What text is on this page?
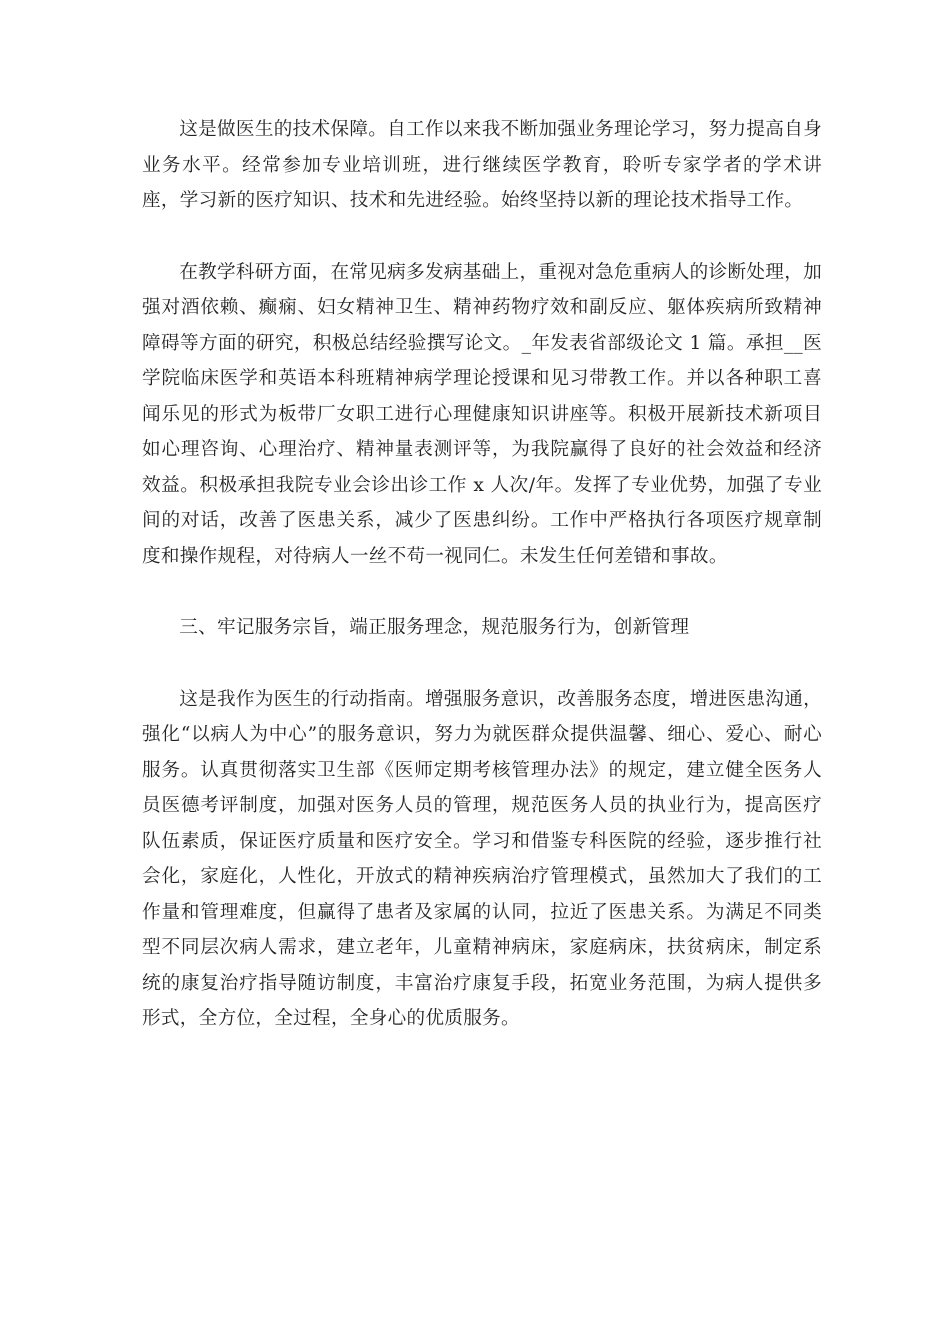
这是做医生的技术保障。自工作以来我不断加强业务理论学习，努力提高自身业务水平。经常参加专业培训班，进行继续医学教育，聆听专家学者的学术讲座，学习新的医疗知识、技术和先进经验。始终坚持以新的理论技术指导工作。

在教学科研方面，在常见病多发病基础上，重视对急危重病人的诊断处理，加强对酒依赖、癫痫、妇女精神卫生、精神药物疗效和副反应、躯体疾病所致精神障碍等方面的研究，积极总结经验撰写论文。_年发表省部级论文 1 篇。承担__医学院临床医学和英语本科班精神病学理论授课和见习带教工作。并以各种职工喜闻乐见的形式为板带厂女职工进行心理健康知识讲座等。积极开展新技术新项目如心理咨询、心理治疗、精神量表测评等，为我院赢得了良好的社会效益和经济效益。积极承担我院专业会诊出诊工作 x 人次/年。发挥了专业优势，加强了专业间的对话，改善了医患关系，减少了医患纠纷。工作中严格执行各项医疗规章制度和操作规程，对待病人一丝不苟一视同仁。未发生任何差错和事故。

三、牢记服务宗旨，端正服务理念，规范服务行为，创新管理

这是我作为医生的行动指南。增强服务意识，改善服务态度，增进医患沟通，强化“以病人为中心”的服务意识，努力为就医群众提供温馨、细心、爱心、耐心服务。认真贯彻落实卫生部《医师定期考核管理办法》的规定，建立健全医务人员医德考评制度，加强对医务人员的管理，规范医务人员的执业行为，提高医疗队伍素质，保证医疗质量和医疗安全。学习和借鉴专科医院的经验，逐步推行社会化，家庭化，人性化，开放式的精神疾病治疗管理模式，虽然加大了我们的工作量和管理难度，但赢得了患者及家属的认同，拉近了医患关系。为满足不同类型不同层次病人需求，建立老年，儿童精神病床，家庭病床，扶贫病床，制定系统的康复治疗指导随访制度，丰富治疗康复手段，拓宽业务范围，为病人提供多形式，全方位，全过程，全身心的优质服务。
